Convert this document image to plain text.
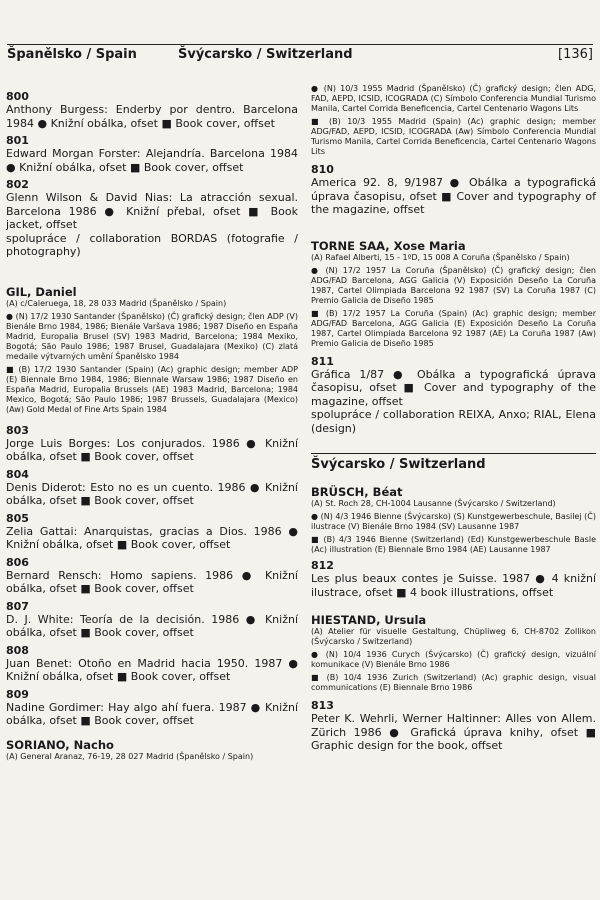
Španělsko / Spain	Švýcarsko / Switzerland	[136]
800
Anthony Burgess: Enderby por dentro. Barcelona 1984 ● Knižní obálka, ofset ■ Book cover, offset
801
Edward Morgan Forster: Alejandría. Barcelona 1984 ● Knižní obálka, ofset ■ Book cover, offset
802
Glenn Wilson & David Nias: La atracción sexual. Barcelona 1986 ● Knižní přebal, ofset ■ Book jacket, offset
spolupráce / collaboration BORDAS (fotografie / photography)
GIL, Daniel
(A) c/Caleruega, 18, 28 033 Madrid (Španělsko / Spain)
● (N) 17/2 1930 Santander (Španělsko) (Č) grafický design; člen ADP (V) Bienále Brno 1984, 1986; Bienále Varšava 1986; 1987 Diseño en España Madrid, Europalia Brusel (SV) 1983 Madrid, Barcelona; 1984 Mexiko, Bogotá; São Paulo 1986; 1987 Brusel, Guadalajara (Mexiko) (C) zlatá medaile výtvarných umění Španělsko 1984
■ (B) 17/2 1930 Santander (Spain) (Ac) graphic design; member ADP (E) Biennale Brno 1984, 1986; Biennale Warsaw 1986; 1987 Diseño en España Madrid, Europalia Brussels (AE) 1983 Madrid, Barcelona; 1984 Mexico, Bogotá; São Paulo 1986; 1987 Brussels, Guadalajara (Mexico) (Aw) Gold Medal of Fine Arts Spain 1984
803
Jorge Luis Borges: Los conjurados. 1986 ● Knižní obálka, ofset ■ Book cover, offset
804
Denis Diderot: Esto no es un cuento. 1986 ● Knižní obálka, ofset ■ Book cover, offset
805
Zelia Gattai: Anarquistas, gracias a Dios. 1986 ● Knižní obálka, ofset ■ Book cover, offset
806
Bernard Rensch: Homo sapiens. 1986 ● Knižní obálka, ofset ■ Book cover, offset
807
D. J. White: Teoría de la decisión. 1986 ● Knižní obálka, ofset ■ Book cover, offset
808
Juan Benet: Otoño en Madrid hacia 1950. 1987 ● Knižní obálka, ofset ■ Book cover, offset
809
Nadine Gordimer: Hay algo ahí fuera. 1987 ● Knižní obálka, ofset ■ Book cover, offset
SORIANO, Nacho
(A) General Aranaz, 76-19, 28 027 Madrid (Španělsko / Spain)
● (N) 10/3 1955 Madrid (Španělsko) (Č) grafický design; člen ADG, FAD, AEPD, ICSID, ICOGRADA (C) Símbolo Conferencia Mundial Turismo Manila, Cartel Corrida Beneficencia, Cartel Centenario Wagons Lits
■ (B) 10/3 1955 Madrid (Spain) (Ac) graphic design; member ADG/FAD, AEPD, ICSID, ICOGRADA (Aw) Símbolo Conferencia Mundial Turismo Manila, Cartel Corrida Beneficencia, Cartel Centenario Wagons Lits
810
America 92. 8, 9/1987 ● Obálka a typografická úprava časopisu, ofset ■ Cover and typography of the magazine, offset
TORNE SAA, Xose Maria
(A) Rafael Alberti, 15 - 1ºD, 15 008 A Coruña (Španělsko / Spain)
● (N) 17/2 1957 La Coruña (Španělsko) (Č) grafický design; člen ADG/FAD Barcelona, AGG Galicia (V) Exposición Deseño La Coruña 1987, Cartel Olimpiada Barcelona 92 1987 (SV) La Coruña 1987 (C) Premio Galicia de Diseño 1985
■ (B) 17/2 1957 La Coruña (Spain) (Ac) graphic design; member ADG/FAD Barcelona, AGG Galicia (E) Exposición Deseño La Coruña 1987, Cartel Olimpiada Barcelona 92 1987 (AE) La Coruña 1987 (Aw) Premio Galicia de Diseño 1985
811
Gráfica 1/87 ● Obálka a typografická úprava časopisu, ofset ■ Cover and typography of the magazine, offset
spolupráce / collaboration REIXA, Anxo; RIAL, Elena (design)
Švýcarsko / Switzerland
BRÜSCH, Béat
(A) St. Roch 28, CH-1004 Lausanne (Švýcarsko / Switzerland)
● (N) 4/3 1946 Bienne (Švýcarsko) (S) Kunstgewerbeschule, Basilej (Č) ilustrace (V) Bienále Brno 1984 (SV) Lausanne 1987
■ (B) 4/3 1946 Bienne (Switzerland) (Ed) Kunstgewerbeschule Basle (Ac) illustration (E) Biennale Brno 1984 (AE) Lausanne 1987
812
Les plus beaux contes je Suisse. 1987 ● 4 knižní ilustrace, ofset ■ 4 book illustrations, offset
HIESTAND, Ursula
(A) Atelier für visuelle Gestaltung, Chüpliweg 6, CH-8702 Zollikon (Švýcarsko / Switzerland)
● (N) 10/4 1936 Curych (Švýcarsko) (Č) grafický design, vizuální komunikace (V) Bienále Brno 1986
■ (B) 10/4 1936 Zurich (Switzerland) (Ac) graphic design, visual communications (E) Biennale Brno 1986
813
Peter K. Wehrli, Werner Haltinner: Alles von Allem. Zürich 1986 ● Grafická úprava knihy, ofset ■ Graphic design for the book, offset
